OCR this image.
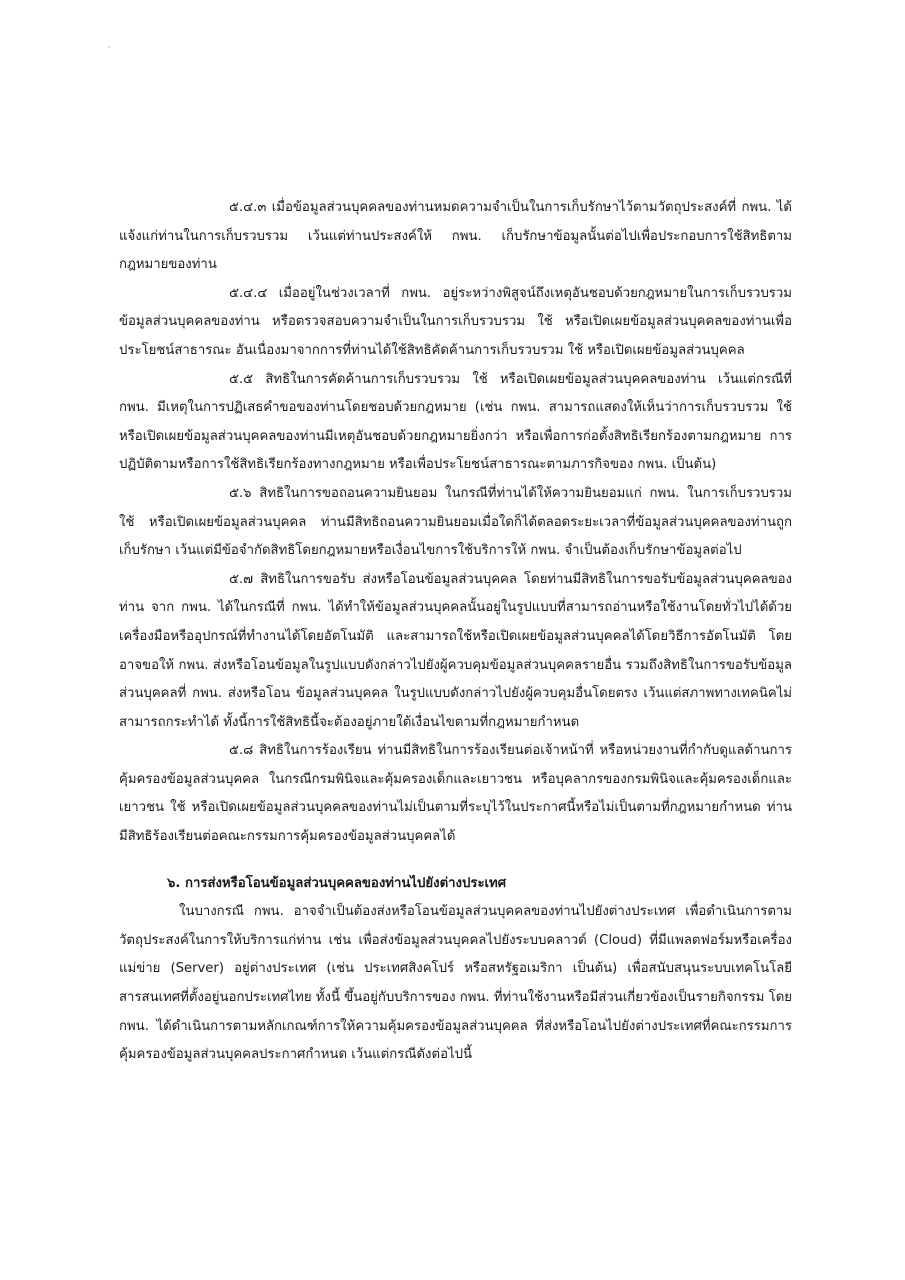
๕.๔.๓ เมื่อข้อมูลส่วนบุคคลของท่านหมดความจำเป็นในการเก็บรักษาไว้ตามวัตถุประสงค์ที่ กพน. ได้แจ้งแก่ท่านในการเก็บรวบรวม เว้นแต่ท่านประสงค์ให้ กพน. เก็บรักษาข้อมูลนั้นต่อไปเพื่อประกอบการใช้สิทธิตามกฎหมายของท่าน

๕.๔.๔ เมื่ออยู่ในช่วงเวลาที่ กพน. อยู่ระหว่างพิสูจน์ถึงเหตุอันชอบด้วยกฎหมายในการเก็บรวบรวมข้อมูลส่วนบุคคลของท่าน หรือตรวจสอบความจำเป็นในการเก็บรวบรวม ใช้ หรือเปิดเผยข้อมูลส่วนบุคคลของท่านเพื่อประโยชน์สาธารณะ อันเนื่องมาจากการที่ท่านได้ใช้สิทธิคัดค้านการเก็บรวบรวม ใช้ หรือเปิดเผยข้อมูลส่วนบุคคล

๕.๕ สิทธิในการคัดค้านการเก็บรวบรวม ใช้ หรือเปิดเผยข้อมูลส่วนบุคคลของท่าน เว้นแต่กรณีที่ กพน. มีเหตุในการปฏิเสธคำขอของท่านโดยชอบด้วยกฎหมาย (เช่น กพน. สามารถแสดงให้เห็นว่าการเก็บรวบรวม ใช้ หรือเปิดเผยข้อมูลส่วนบุคคลของท่านมีเหตุอันชอบด้วยกฎหมายยิ่งกว่า หรือเพื่อการก่อตั้งสิทธิเรียกร้องตามกฎหมาย การปฏิบัติตามหรือการใช้สิทธิเรียกร้องทางกฎหมาย หรือเพื่อประโยชน์สาธารณะตามภารกิจของ กพน. เป็นต้น)

๕.๖ สิทธิในการขอถอนความยินยอม ในกรณีที่ท่านได้ให้ความยินยอมแก่ กพน. ในการเก็บรวบรวม ใช้ หรือเปิดเผยข้อมูลส่วนบุคคล ท่านมีสิทธิถอนความยินยอมเมื่อใดก็ได้ตลอดระยะเวลาที่ข้อมูลส่วนบุคคลของท่านถูกเก็บรักษา เว้นแต่มีข้อจำกัดสิทธิโดยกฎหมายหรือเงื่อนไขการใช้บริการให้ กพน. จำเป็นต้องเก็บรักษาข้อมูลต่อไป

๕.๗ สิทธิในการขอรับ ส่งหรือโอนข้อมูลส่วนบุคคล โดยท่านมีสิทธิในการขอรับข้อมูลส่วนบุคคลของท่าน จาก กพน. ได้ในกรณีที่ กพน. ได้ทำให้ข้อมูลส่วนบุคคลนั้นอยู่ในรูปแบบที่สามารถอ่านหรือใช้งานโดยทั่วไปได้ด้วยเครื่องมือหรืออุปกรณ์ที่ทำงานได้โดยอัตโนมัติ และสามารถใช้หรือเปิดเผยข้อมูลส่วนบุคคลได้โดยวิธีการอัตโนมัติ โดยอาจขอให้ กพน. ส่งหรือโอนข้อมูลในรูปแบบดังกล่าวไปยังผู้ควบคุมข้อมูลส่วนบุคคลรายอื่น รวมถึงสิทธิในการขอรับข้อมูลส่วนบุคคลที่ กพน. ส่งหรือโอน ข้อมูลส่วนบุคคล ในรูปแบบดังกล่าวไปยังผู้ควบคุมอื่นโดยตรง เว้นแต่สภาพทางเทคนิคไม่สามารถกระทำได้ ทั้งนี้การใช้สิทธินี้จะต้องอยู่ภายใต้เงื่อนไขตามที่กฎหมายกำหนด

๕.๘ สิทธิในการร้องเรียน ท่านมีสิทธิในการร้องเรียนต่อเจ้าหน้าที่ หรือหน่วยงานที่กำกับดูแลด้านการคุ้มครองข้อมูลส่วนบุคคล ในกรณีกรมพินิจและคุ้มครองเด็กและเยาวชน หรือบุคลากรของกรมพินิจและคุ้มครองเด็กและเยาวชน ใช้ หรือเปิดเผยข้อมูลส่วนบุคคลของท่านไม่เป็นตามที่ระบุไว้ในประกาศนี้หรือไม่เป็นตามที่กฎหมายกำหนด ท่านมีสิทธิร้องเรียนต่อคณะกรรมการคุ้มครองข้อมูลส่วนบุคคลได้

๖. การส่งหรือโอนข้อมูลส่วนบุคคลของท่านไปยังต่างประเทศ

ในบางกรณี กพน. อาจจำเป็นต้องส่งหรือโอนข้อมูลส่วนบุคคลของท่านไปยังต่างประเทศ เพื่อดำเนินการตามวัตถุประสงค์ในการให้บริการแก่ท่าน เช่น เพื่อส่งข้อมูลส่วนบุคคลไปยังระบบคลาวด์ (Cloud) ที่มีแพลตฟอร์มหรือเครื่องแม่ข่าย (Server) อยู่ต่างประเทศ (เช่น ประเทศสิงคโปร์ หรือสหรัฐอเมริกา เป็นต้น) เพื่อสนับสนุนระบบเทคโนโลยีสารสนเทศที่ตั้งอยู่นอกประเทศไทย ทั้งนี้ ขึ้นอยู่กับบริการของ กพน. ที่ท่านใช้งานหรือมีส่วนเกี่ยวข้องเป็นรายกิจกรรม โดย กพน. ได้ดำเนินการตามหลักเกณฑ์การให้ความคุ้มครองข้อมูลส่วนบุคคล ที่ส่งหรือโอนไปยังต่างประเทศที่คณะกรรมการคุ้มครองข้อมูลส่วนบุคคลประกาศกำหนด เว้นแต่กรณีดังต่อไปนี้
